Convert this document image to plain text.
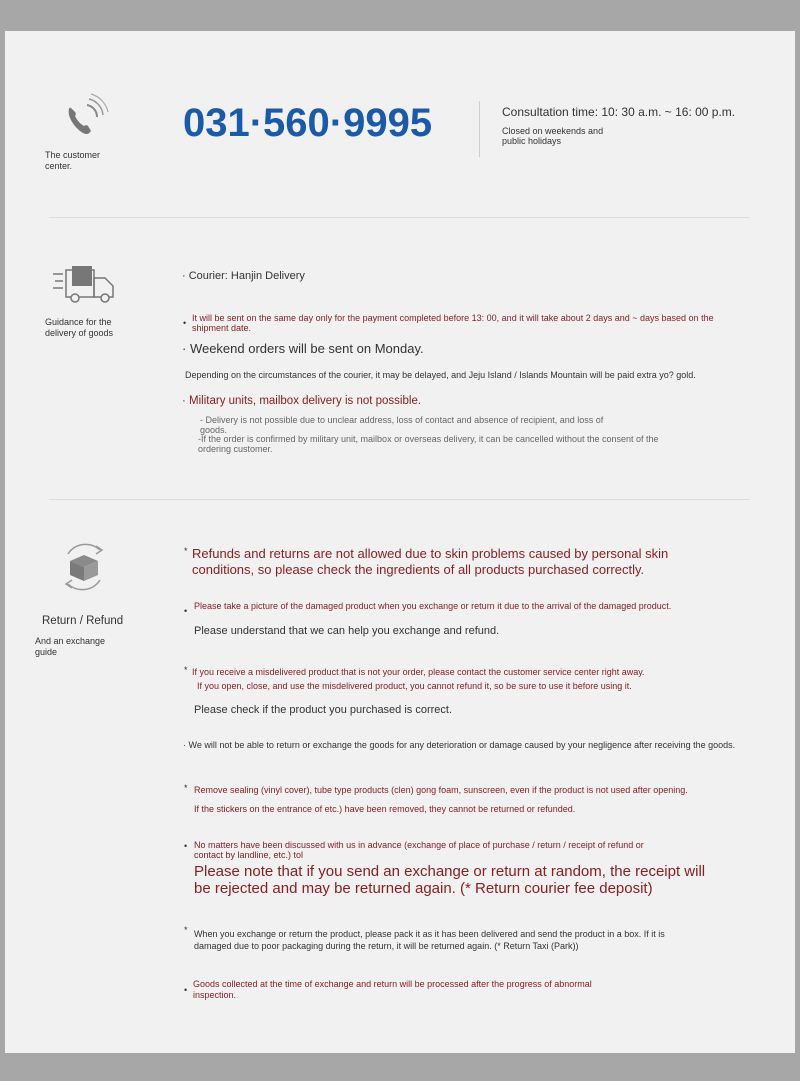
The customer center.
031·560·9995	Consultation time: 10: 30 a.m. ~ 16: 00 p.m.
Closed on weekends and public holidays
Guidance for the delivery of goods
· Courier: Hanjin Delivery
• It will be sent on the same day only for the payment completed before 13: 00, and it will take about 2 days and ~ days based on the shipment date.
· Weekend orders will be sent on Monday.
Depending on the circumstances of the courier, it may be delayed, and Jeju Island / Islands Mountain will be paid extra yo? gold.
· Military units, mailbox delivery is not possible.
- Delivery is not possible due to unclear address, loss of contact and absence of recipient, and loss of goods.
-If the order is confirmed by military unit, mailbox or overseas delivery, it can be cancelled without the consent of the ordering customer.
Return / Refund
And an exchange guide
* Refunds and returns are not allowed due to skin problems caused by personal skin conditions, so please check the ingredients of all products purchased correctly.
• Please take a picture of the damaged product when you exchange or return it due to the arrival of the damaged product.
Please understand that we can help you exchange and refund.
* If you receive a misdelivered product that is not your order, please contact the customer service center right away.
If you open, close, and use the misdelivered product, you cannot refund it, so be sure to use it before using it.
Please check if the product you purchased is correct.
· We will not be able to return or exchange the goods for any deterioration or damage caused by your negligence after receiving the goods.
* Remove sealing (vinyl cover), tube type products (clen) gong foam, sunscreen, even if the product is not used after opening.
If the stickers on the entrance of etc.) have been removed, they cannot be returned or refunded.
• No matters have been discussed with us in advance (exchange of place of purchase / return / receipt of refund or contact by landline, etc.) tol
Please note that if you send an exchange or return at random, the receipt will be rejected and may be returned again. (* Return courier fee deposit)
* When you exchange or return the product, please pack it as it has been delivered and send the product in a box. If it is damaged due to poor packaging during the return, it will be returned again. (* Return Taxi (Park))
•
Goods collected at the time of exchange and return will be processed after the progress of abnormal inspection.
